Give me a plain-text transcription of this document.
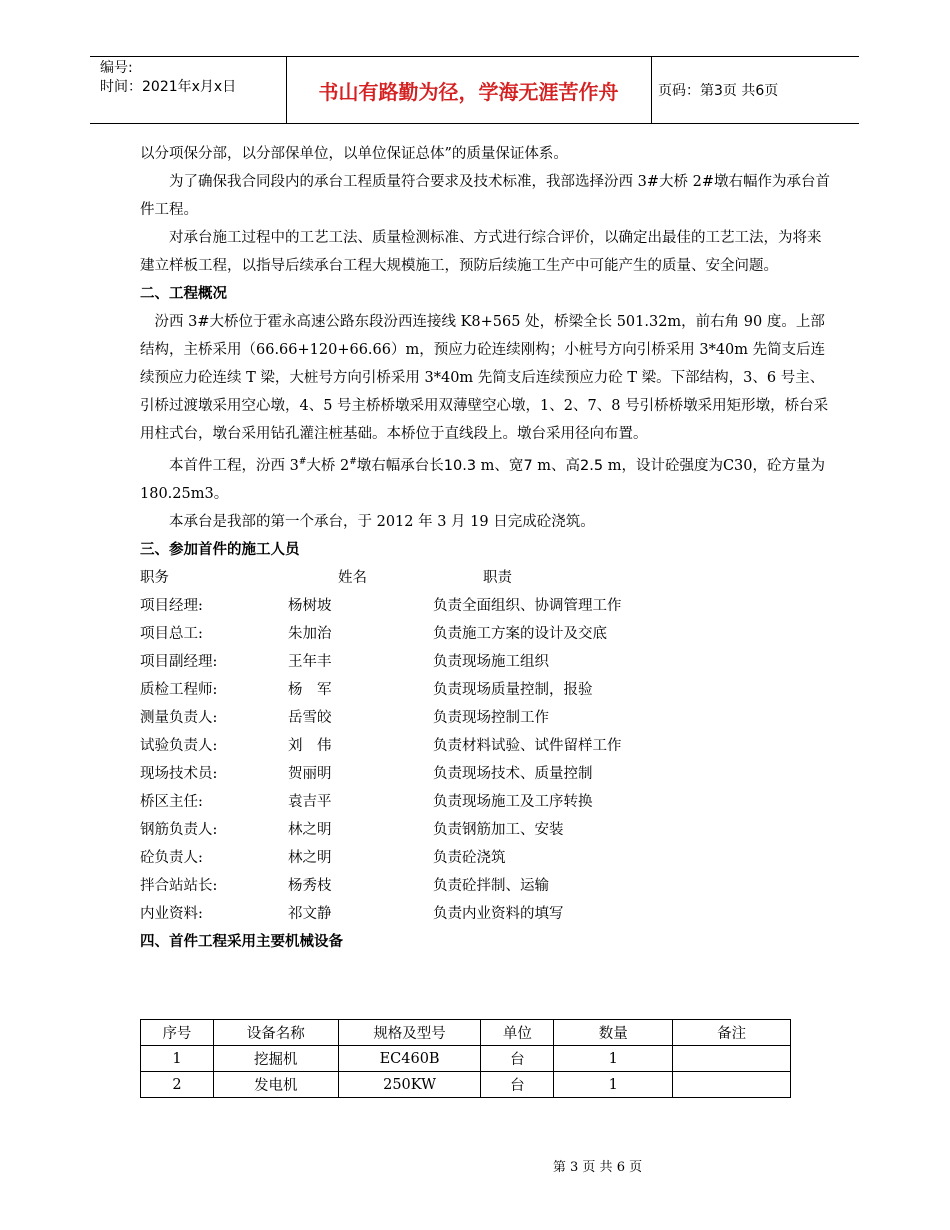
编号:
时间：2021年x月x日	书山有路勤为径，学海无涯苦作舟	页码：第3页 共6页

以分项保分部，以分部保单位，以单位保证总体”的质量保证体系。

为了确保我合同段内的承台工程质量符合要求及技术标准，我部选择汾西 3#大桥 2#墩右幅作为承台首件工程。

对承台施工过程中的工艺工法、质量检测标准、方式进行综合评价，以确定出最佳的工艺工法，为将来建立样板工程，以指导后续承台工程大规模施工，预防后续施工生产中可能产生的质量、安全问题。

二、工程概况

汾西 3#大桥位于霍永高速公路东段汾西连接线 K8+565 处，桥梁全长 501.32m，前右角 90 度。上部结构，主桥采用（66.66+120+66.66）m，预应力砼连续刚构；小桩号方向引桥采用 3*40m 先简支后连续预应力砼连续 T 梁，大桩号方向引桥采用 3*40m 先简支后连续预应力砼 T 梁。下部结构，3、6 号主、引桥过渡墩采用空心墩，4、5 号主桥桥墩采用双薄壁空心墩，1、2、7、8 号引桥桥墩采用矩形墩，桥台采用柱式台，墩台采用钻孔灌注桩基础。本桥位于直线段上。墩台采用径向布置。

本首件工程，汾西 3#大桥 2#墩右幅承台长10.3 m、宽7 m、高2.5 m，设计砼强度为C30，砼方量为180.25m3。

本承台是我部的第一个承台，于 2012 年 3 月 19 日完成砼浇筑。

三、参加首件的施工人员

职务	姓名	职责
项目经理:	杨树坡	负责全面组织、协调管理工作
项目总工:	朱加治	负责施工方案的设计及交底
项目副经理:	王年丰	负责现场施工组织
质检工程师:	杨　军	负责现场质量控制，报验
测量负责人:	岳雪皎	负责现场控制工作
试验负责人:	刘　伟	负责材料试验、试件留样工作
现场技术员:	贺丽明	负责现场技术、质量控制
桥区主任:	袁吉平	负责现场施工及工序转换
钢筋负责人:	林之明	负责钢筋加工、安装
砼负责人:	林之明	负责砼浇筑
拌合站站长:	杨秀枝	负责砼拌制、运输
内业资料:	祁文静	负责内业资料的填写

四、首件工程采用主要机械设备

序号	设备名称	规格及型号	单位	数量	备注
1	挖掘机	EC460B	台	1	
2	发电机	250KW	台	1	
第 3 页 共 6 页
